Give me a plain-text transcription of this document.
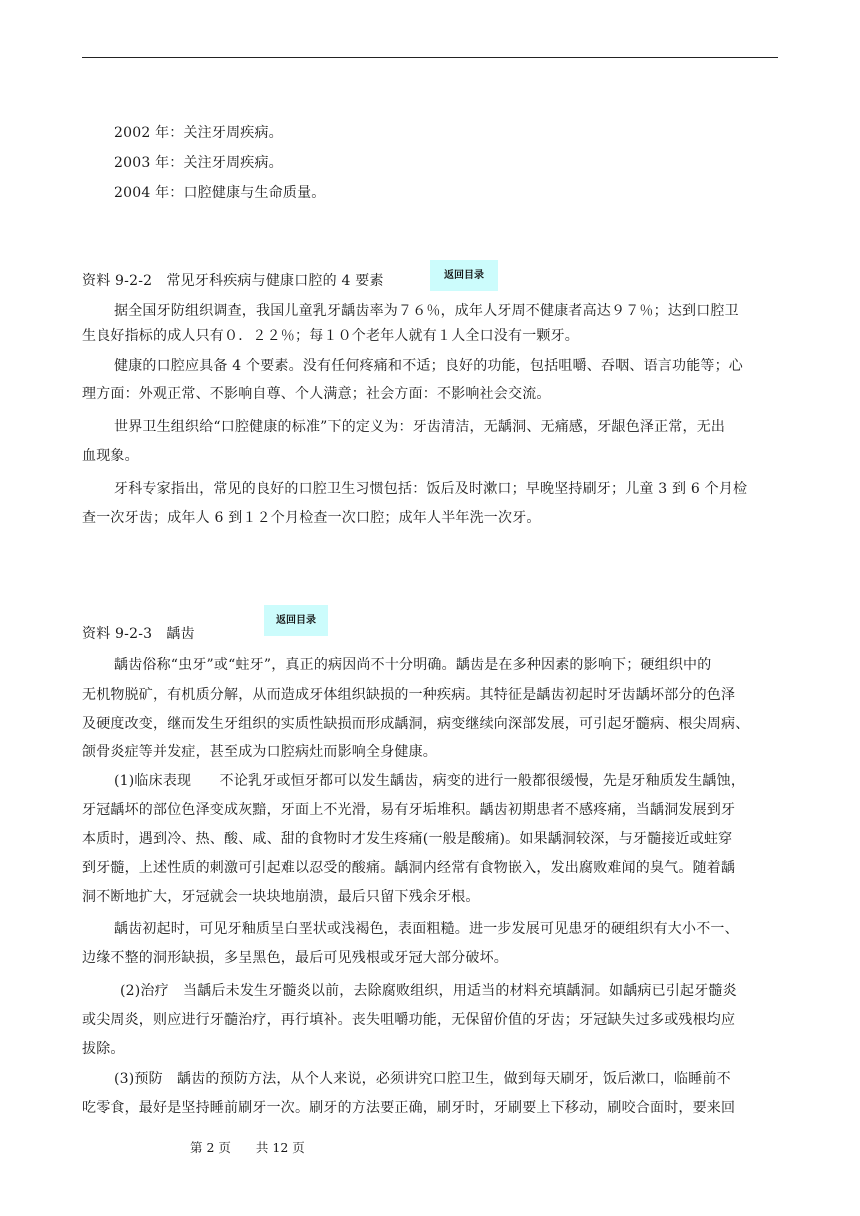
2002 年：关注牙周疾病。
2003 年：关注牙周疾病。
2004 年：口腔健康与生命质量。
返回目录
资料 9-2-2　常见牙科疾病与健康口腔的 4 要素
据全国牙防组织调查，我国儿童乳牙龋齿率为７６％，成年人牙周不健康者高达９７％；达到口腔卫
生良好指标的成人只有０．２２％；每１０个老年人就有１人全口没有一颗牙。
健康的口腔应具备 4 个要素。没有任何疼痛和不适；良好的功能，包括咀嚼、吞咽、语言功能等；心
理方面：外观正常、不影响自尊、个人满意；社会方面：不影响社会交流。
世界卫生组织给“口腔健康的标准”下的定义为：牙齿清洁，无龋洞、无痛感，牙龈色泽正常，无出
血现象。
牙科专家指出，常见的良好的口腔卫生习惯包括：饭后及时漱口；早晚坚持刷牙；儿童 3 到 6 个月检
查一次牙齿；成年人 6 到１２个月检查一次口腔；成年人半年洗一次牙。
返回目录
资料 9-2-3　龋齿
龋齿俗称“虫牙”或“蛀牙”，真正的病因尚不十分明确。龋齿是在多种因素的影响下；硬组织中的
无机物脱矿，有机质分解，从而造成牙体组织缺损的一种疾病。其特征是龋齿初起时牙齿龋坏部分的色泽
及硬度改变，继而发生牙组织的实质性缺损而形成龋洞，病变继续向深部发展，可引起牙髓病、根尖周病、
颌骨炎症等并发症，甚至成为口腔病灶而影响全身健康。
(1)临床表现　　不论乳牙或恒牙都可以发生龋齿，病变的进行一般都很缓慢，先是牙釉质发生龋蚀，
牙冠龋坏的部位色泽变成灰黯，牙面上不光滑，易有牙垢堆积。龋齿初期患者不感疼痛，当龋洞发展到牙
本质时，遇到冷、热、酸、咸、甜的食物时才发生疼痛(一般是酸痛)。如果龋洞较深，与牙髓接近或蛀穿
到牙髓，上述性质的刺激可引起难以忍受的酸痛。龋洞内经常有食物嵌入，发出腐败难闻的臭气。随着龋
洞不断地扩大，牙冠就会一块块地崩溃，最后只留下残余牙根。
龋齿初起时，可见牙釉质呈白垩状或浅褐色，表面粗糙。进一步发展可见患牙的硬组织有大小不一、
边缘不整的洞形缺损，多呈黑色，最后可见残根或牙冠大部分破坏。
(2)治疗　当龋后未发生牙髓炎以前，去除腐败组织，用适当的材料充填龋洞。如龋病已引起牙髓炎
或尖周炎，则应进行牙髓治疗，再行填补。丧失咀嚼功能，无保留价值的牙齿；牙冠缺失过多或残根均应
拔除。
(3)预防　龋齿的预防方法，从个人来说，必须讲究口腔卫生，做到每天刷牙，饭后漱口，临睡前不
吃零食，最好是坚持睡前刷牙一次。刷牙的方法要正确，刷牙时，牙刷要上下移动，刷咬合面时，要来回
第 2 页　　共 12 页
